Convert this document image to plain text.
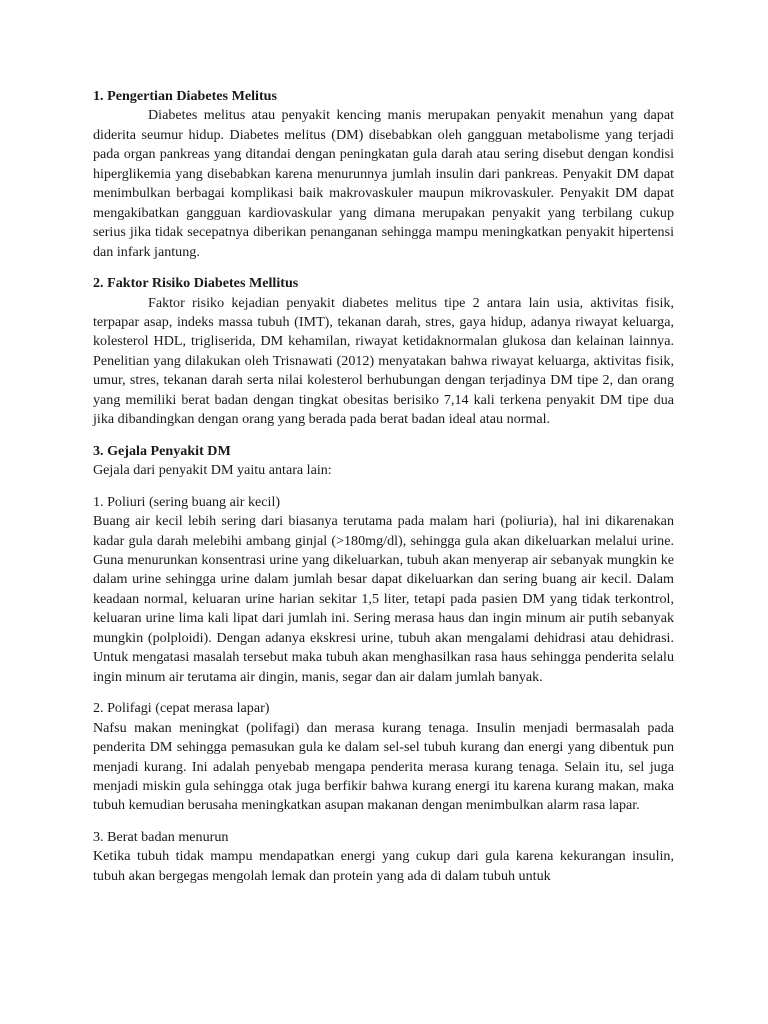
1. Pengertian Diabetes Melitus

Diabetes melitus atau penyakit kencing manis merupakan penyakit menahun yang dapat diderita seumur hidup. Diabetes melitus (DM) disebabkan oleh gangguan metabolisme yang terjadi pada organ pankreas yang ditandai dengan peningkatan gula darah atau sering disebut dengan kondisi hiperglikemia yang disebabkan karena menurunnya jumlah insulin dari pankreas. Penyakit DM dapat menimbulkan berbagai komplikasi baik makrovaskuler maupun mikrovaskuler. Penyakit DM dapat mengakibatkan gangguan kardiovaskular yang dimana merupakan penyakit yang terbilang cukup serius jika tidak secepatnya diberikan penanganan sehingga mampu meningkatkan penyakit hipertensi dan infark jantung.

2. Faktor Risiko Diabetes Mellitus

Faktor risiko kejadian penyakit diabetes melitus tipe 2 antara lain usia, aktivitas fisik, terpapar asap, indeks massa tubuh (IMT), tekanan darah, stres, gaya hidup, adanya riwayat keluarga, kolesterol HDL, trigliserida, DM kehamilan, riwayat ketidaknormalan glukosa dan kelainan lainnya. Penelitian yang dilakukan oleh Trisnawati (2012) menyatakan bahwa riwayat keluarga, aktivitas fisik, umur, stres, tekanan darah serta nilai kolesterol berhubungan dengan terjadinya DM tipe 2, dan orang yang memiliki berat badan dengan tingkat obesitas berisiko 7,14 kali terkena penyakit DM tipe dua jika dibandingkan dengan orang yang berada pada berat badan ideal atau normal.

3. Gejala Penyakit DM

Gejala dari penyakit DM yaitu antara lain:

1. Poliuri (sering buang air kecil)

Buang air kecil lebih sering dari biasanya terutama pada malam hari (poliuria), hal ini dikarenakan kadar gula darah melebihi ambang ginjal (>180mg/dl), sehingga gula akan dikeluarkan melalui urine. Guna menurunkan konsentrasi urine yang dikeluarkan, tubuh akan menyerap air sebanyak mungkin ke dalam urine sehingga urine dalam jumlah besar dapat dikeluarkan dan sering buang air kecil. Dalam keadaan normal, keluaran urine harian sekitar 1,5 liter, tetapi pada pasien DM yang tidak terkontrol, keluaran urine lima kali lipat dari jumlah ini. Sering merasa haus dan ingin minum air putih sebanyak mungkin (polploidi). Dengan adanya ekskresi urine, tubuh akan mengalami dehidrasi atau dehidrasi. Untuk mengatasi masalah tersebut maka tubuh akan menghasilkan rasa haus sehingga penderita selalu ingin minum air terutama air dingin, manis, segar dan air dalam jumlah banyak.

2. Polifagi (cepat merasa lapar)

Nafsu makan meningkat (polifagi) dan merasa kurang tenaga. Insulin menjadi bermasalah pada penderita DM sehingga pemasukan gula ke dalam sel-sel tubuh kurang dan energi yang dibentuk pun menjadi kurang. Ini adalah penyebab mengapa penderita merasa kurang tenaga. Selain itu, sel juga menjadi miskin gula sehingga otak juga berfikir bahwa kurang energi itu karena kurang makan, maka tubuh kemudian berusaha meningkatkan asupan makanan dengan menimbulkan alarm rasa lapar.

3. Berat badan menurun

Ketika tubuh tidak mampu mendapatkan energi yang cukup dari gula karena kekurangan insulin, tubuh akan bergegas mengolah lemak dan protein yang ada di dalam tubuh untuk
